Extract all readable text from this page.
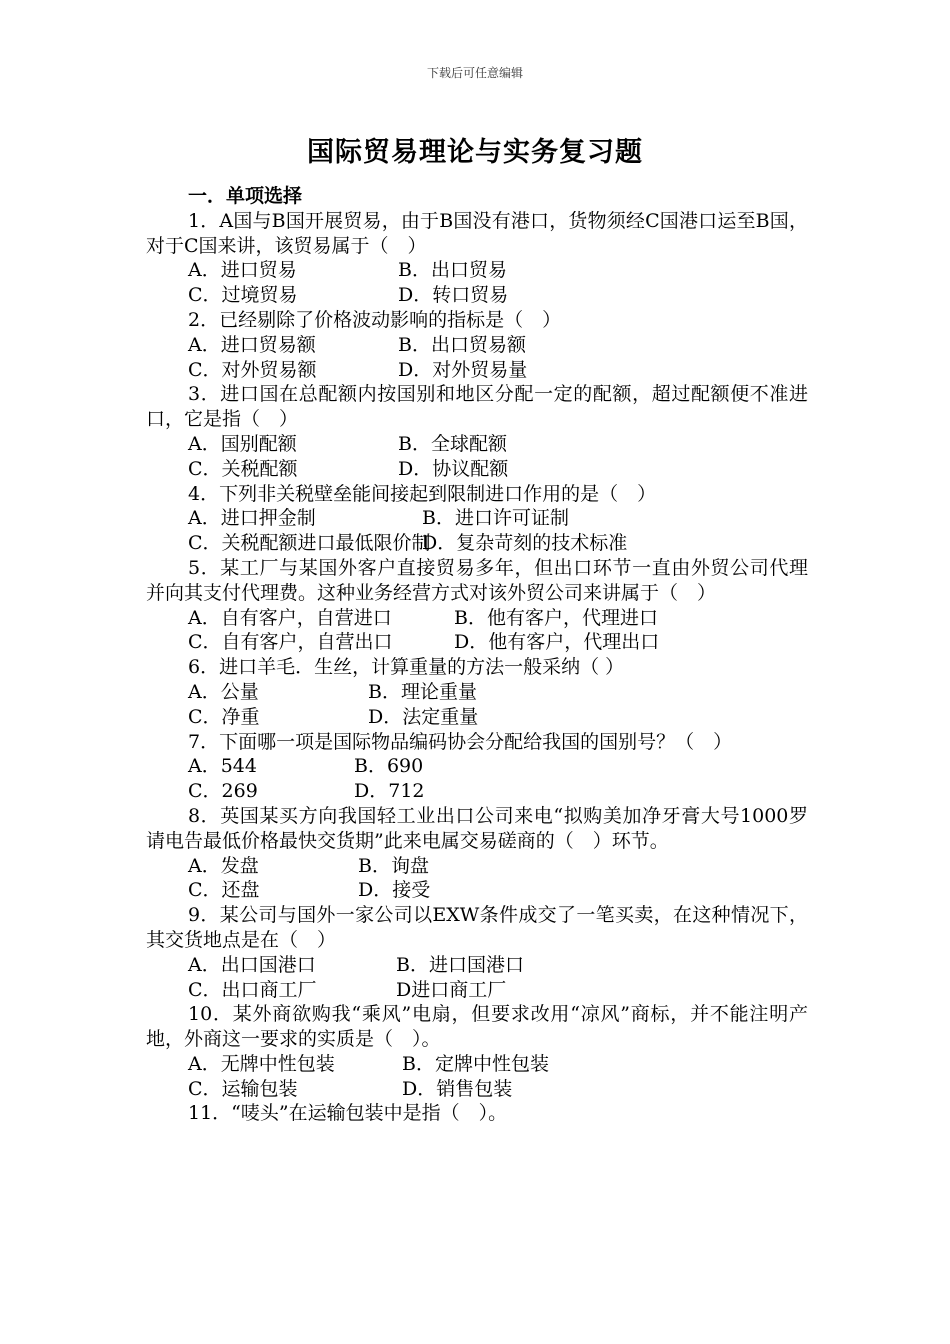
下载后可任意编辑
国际贸易理论与实务复习题
一．单项选择
1．A国与B国开展贸易，由于B国没有港口，货物须经C国港口运至B国，对于C国来讲，该贸易属于（　）
A．进口贸易	B．出口贸易
C．过境贸易	D．转口贸易
2．已经剔除了价格波动影响的指标是（　）
A．进口贸易额	B．出口贸易额
C．对外贸易额	D．对外贸易量
3．进口国在总配额内按国别和地区分配一定的配额，超过配额便不准进口，它是指（　）
A．国别配额	B．全球配额
C．关税配额	D．协议配额
4．下列非关税壁垒能间接起到限制进口作用的是（　）
A．进口押金制	B．进口许可证制
C．关税配额进口最低限价制D．复杂苛刻的技术标准
5．某工厂与某国外客户直接贸易多年，但出口环节一直由外贸公司代理并向其支付代理费。这种业务经营方式对该外贸公司来讲属于（　）
A．自有客户，自营进口	B．他有客户，代理进口
C．自有客户，自营出口	D．他有客户，代理出口
6．进口羊毛．生丝，计算重量的方法一般采纳（ ）
A．公量	B．理论重量
C．净重	D．法定重量
7．下面哪一项是国际物品编码协会分配给我国的国别号？（　）
A．544	B．690
C．269	D．712
8．英国某买方向我国轻工业出口公司来电“拟购美加净牙膏大号1000罗请电告最低价格最快交货期”此来电属交易磋商的（　）环节。
A．发盘	B．询盘
C．还盘	D．接受
9．某公司与国外一家公司以EXW条件成交了一笔买卖，在这种情况下，其交货地点是在（　）
A．出口国港口	B．进口国港口
C．出口商工厂	D进口商工厂
10．某外商欲购我“乘风”电扇，但要求改用“凉风”商标，并不能注明产地，外商这一要求的实质是（　）。
A．无牌中性包装	B．定牌中性包装
C．运输包装	D．销售包装
11．“唛头”在运输包装中是指（　）。
